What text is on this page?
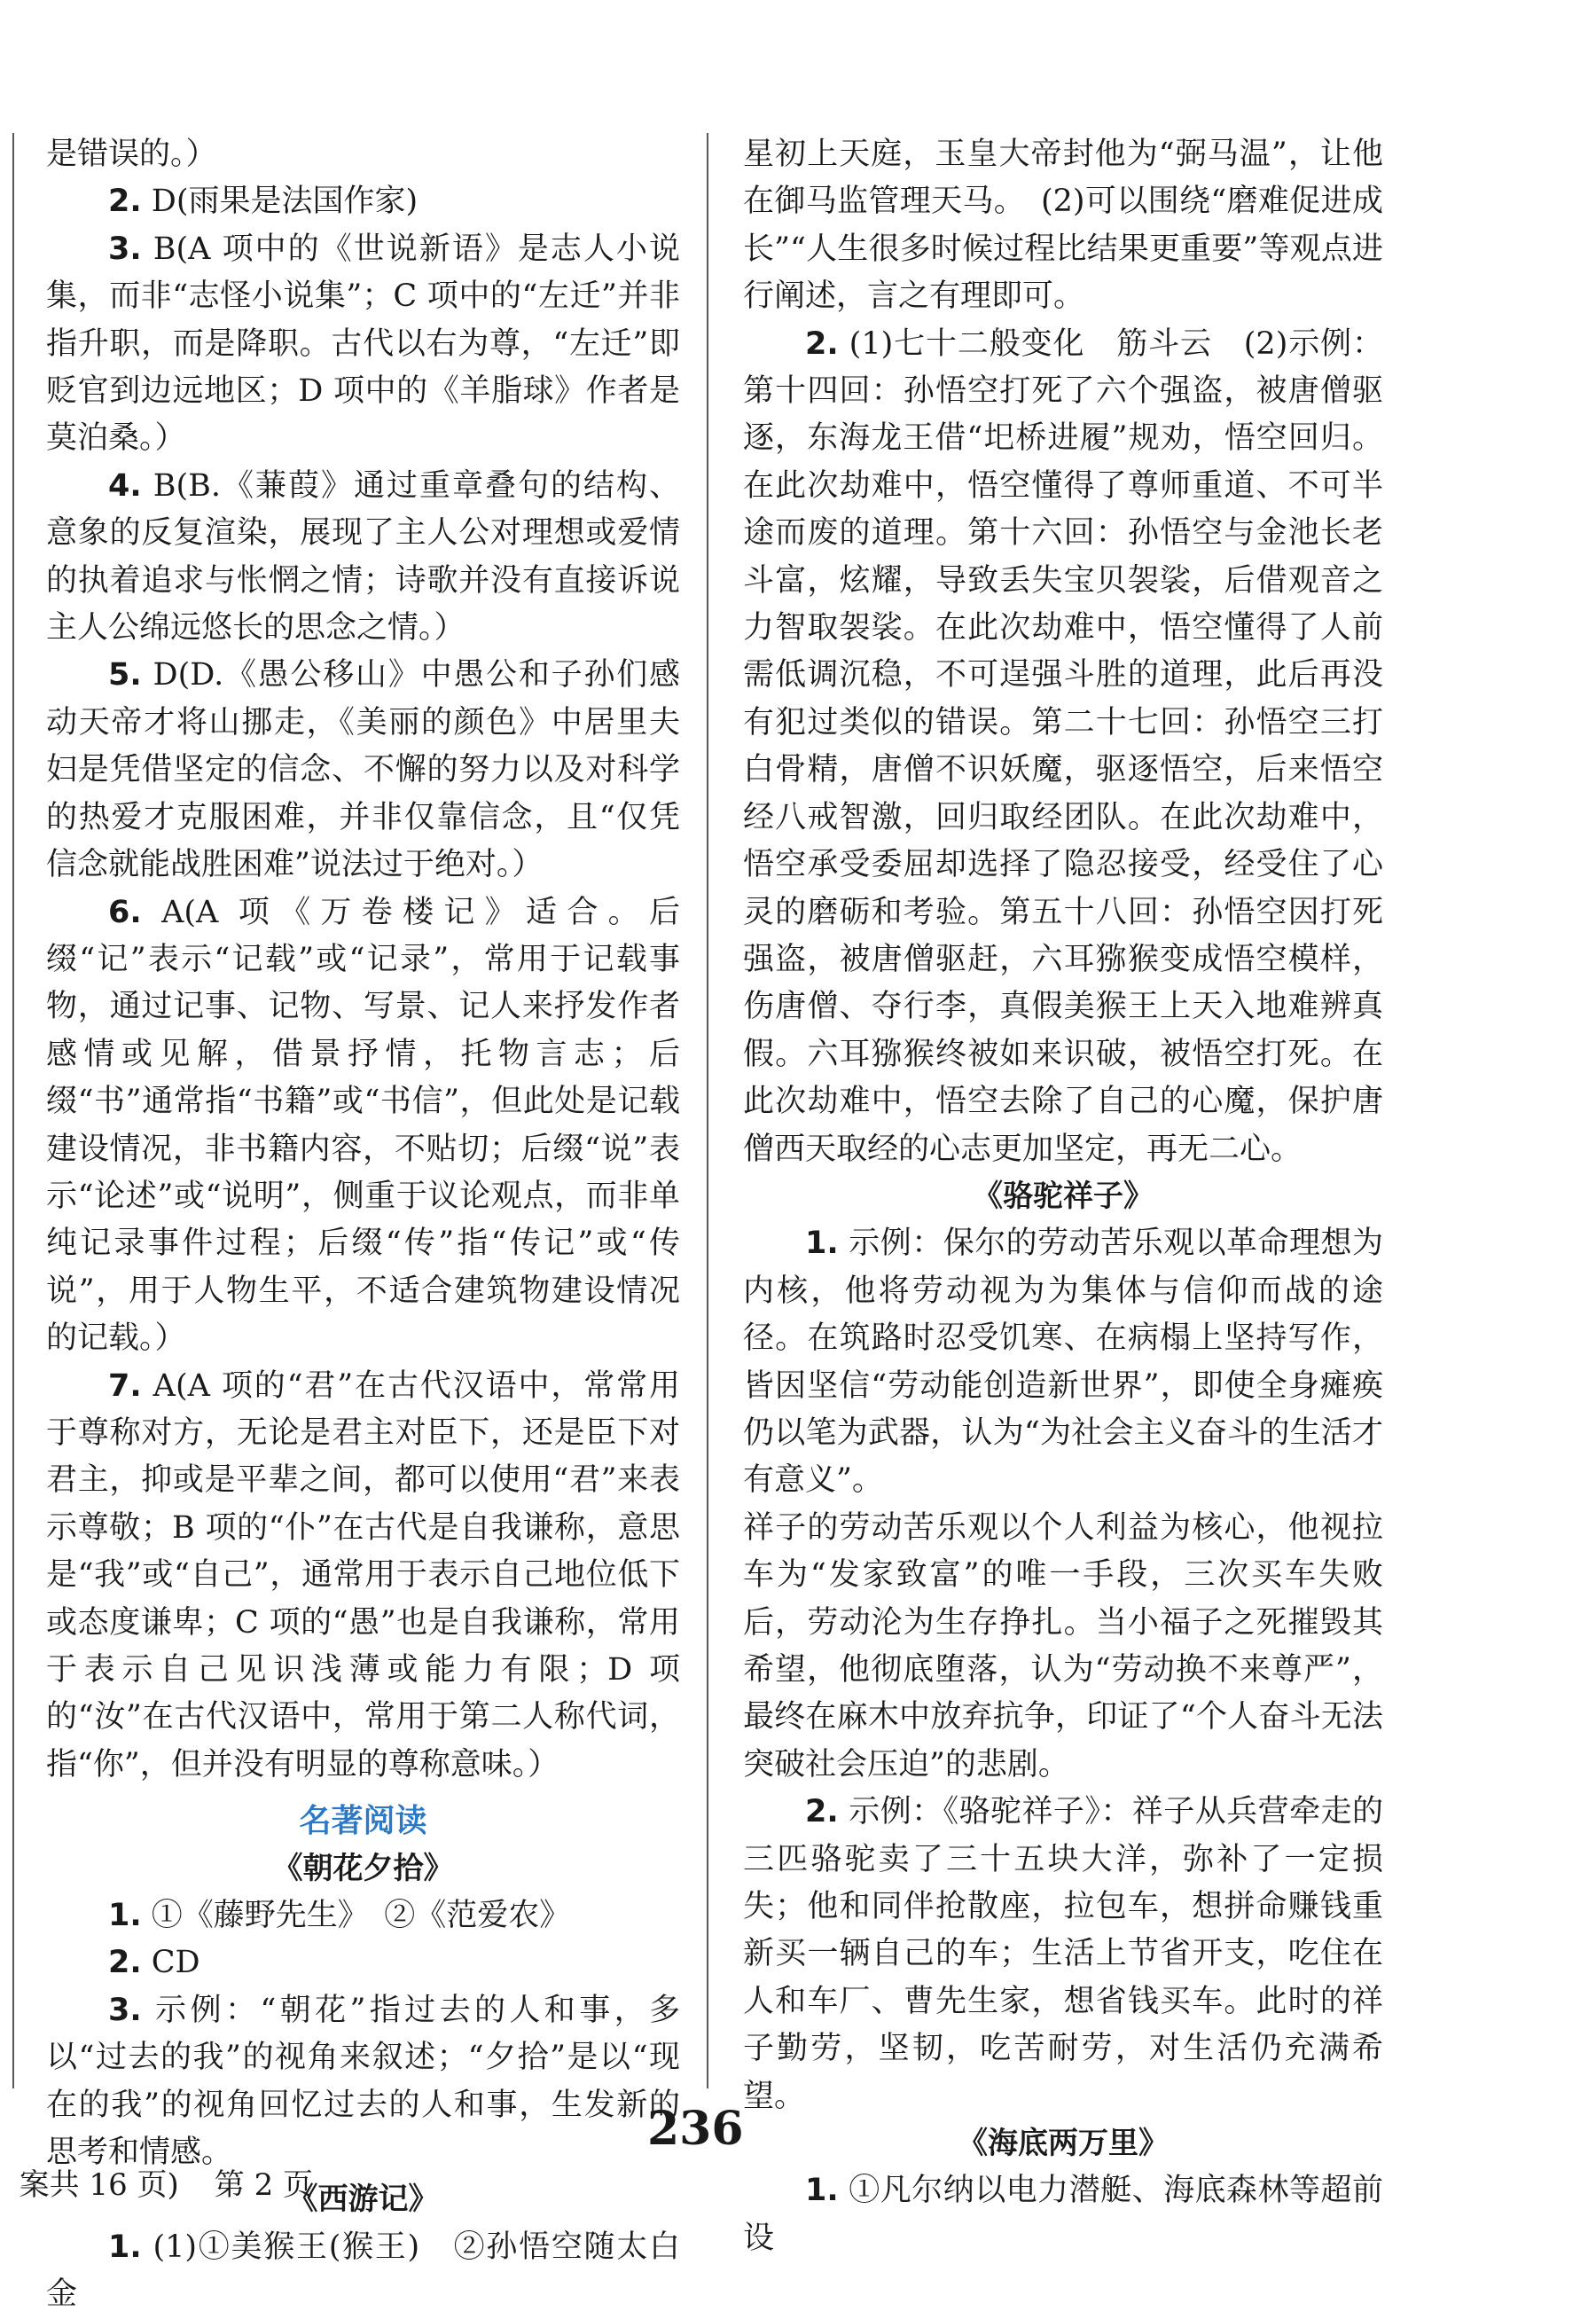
是错误的。）

2. D(雨果是法国作家)

3. B(A 项中的《世说新语》是志人小说集，而非“志怪小说集”；C 项中的“左迁”并非指升职，而是降职。古代以右为尊，“左迁”即贬官到边远地区；D 项中的《羊脂球》作者是莫泊桑。）

4. B(B.《蒹葭》通过重章叠句的结构、意象的反复渲染，展现了主人公对理想或爱情的执着追求与怅惘之情；诗歌并没有直接诉说主人公绵远悠长的思念之情。）

5. D(D.《愚公移山》中愚公和子孙们感动天帝才将山挪走，《美丽的颜色》中居里夫妇是凭借坚定的信念、不懈的努力以及对科学的热爱才克服困难，并非仅靠信念，且“仅凭信念就能战胜困难”说法过于绝对。）

6. A(A 项《万卷楼记》适合。后缀“记”表示“记载”或“记录”，常用于记载事物，通过记事、记物、写景、记人来抒发作者感情或见解，借景抒情，托物言志；后缀“书”通常指“书籍”或“书信”，但此处是记载建设情况，非书籍内容，不贴切；后缀“说”表示“论述”或“说明”，侧重于议论观点，而非单纯记录事件过程；后缀“传”指“传记”或“传说”，用于人物生平，不适合建筑物建设情况的记载。）

7. A(A 项的“君”在古代汉语中，常常用于尊称对方，无论是君主对臣下，还是臣下对君主，抑或是平辈之间，都可以使用“君”来表示尊敬；B 项的“仆”在古代是自我谦称，意思是“我”或“自己”，通常用于表示自己地位低下或态度谦卑；C 项的“愚”也是自我谦称，常用于表示自己见识浅薄或能力有限；D 项的“汝”在古代汉语中，常用于第二人称代词，指“你”，但并没有明显的尊称意味。）

名著阅读
《朝花夕拾》

1. ①《藤野先生》　②《范爱农》

2. CD

3. 示例：“朝花”指过去的人和事，多以“过去的我”的视角来叙述；“夕拾”是以“现在的我”的视角回忆过去的人和事，生发新的思考和情感。

《西游记》

1. (1)①美猴王(猴王)　②孙悟空随太白金

星初上天庭，玉皇大帝封他为“弼马温”，让他在御马监管理天马。　(2)可以围绕“磨难促进成长”“人生很多时候过程比结果更重要”等观点进行阐述，言之有理即可。

2. (1)七十二般变化　筋斗云　(2)示例：第十四回：孙悟空打死了六个强盗，被唐僧驱逐，东海龙王借“圯桥进履”规劝，悟空回归。在此次劫难中，悟空懂得了尊师重道、不可半途而废的道理。第十六回：孙悟空与金池长老斗富，炫耀，导致丢失宝贝袈裟，后借观音之力智取袈裟。在此次劫难中，悟空懂得了人前需低调沉稳，不可逞强斗胜的道理，此后再没有犯过类似的错误。第二十七回：孙悟空三打白骨精，唐僧不识妖魔，驱逐悟空，后来悟空经八戒智激，回归取经团队。在此次劫难中，悟空承受委屈却选择了隐忍接受，经受住了心灵的磨砺和考验。第五十八回：孙悟空因打死强盗，被唐僧驱赶，六耳猕猴变成悟空模样，伤唐僧、夺行李，真假美猴王上天入地难辨真假。六耳猕猴终被如来识破，被悟空打死。在此次劫难中，悟空去除了自己的心魔，保护唐僧西天取经的心志更加坚定，再无二心。

《骆驼祥子》

1. 示例：保尔的劳动苦乐观以革命理想为内核，他将劳动视为为集体与信仰而战的途径。在筑路时忍受饥寒、在病榻上坚持写作，皆因坚信“劳动能创造新世界”，即使全身瘫痪仍以笔为武器，认为“为社会主义奋斗的生活才有意义”。

祥子的劳动苦乐观以个人利益为核心，他视拉车为“发家致富”的唯一手段，三次买车失败后，劳动沦为生存挣扎。当小福子之死摧毁其希望，他彻底堕落，认为“劳动换不来尊严”，最终在麻木中放弃抗争，印证了“个人奋斗无法突破社会压迫”的悲剧。

2. 示例：《骆驼祥子》：祥子从兵营牵走的三匹骆驼卖了三十五块大洋，弥补了一定损失；他和同伴抢散座，拉包车，想拼命赚钱重新买一辆自己的车；生活上节省开支，吃住在人和车厂、曹先生家，想省钱买车。此时的祥子勤劳，坚韧，吃苦耐劳，对生活仍充满希望。

《海底两万里》

1. ①凡尔纳以电力潜艇、海底森林等超前设

案共 16 页) 第 2 页

236
